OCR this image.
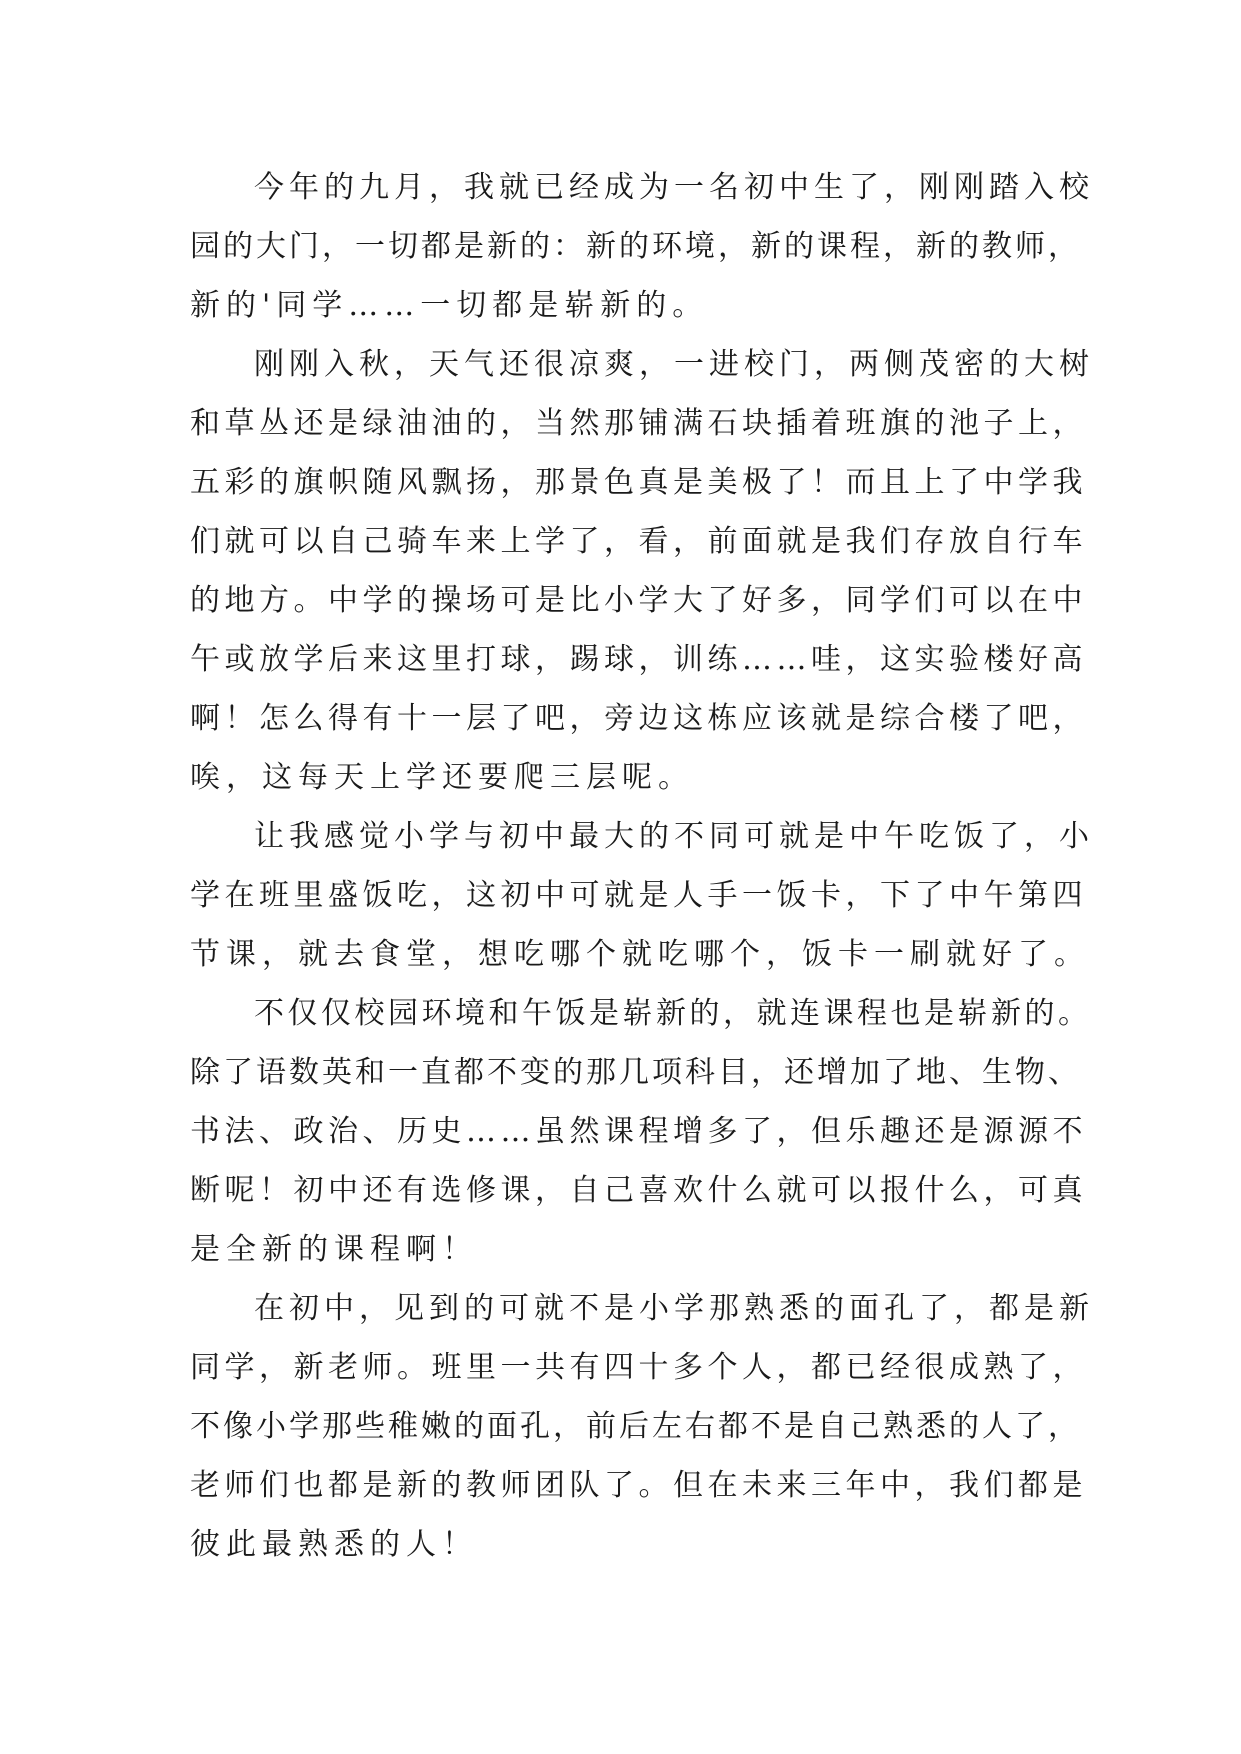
今年的九月，我就已经成为一名初中生了，刚刚踏入校
园的大门，一切都是新的：新的环境，新的课程，新的教师，
新的'同学……一切都是崭新的。
刚刚入秋，天气还很凉爽，一进校门，两侧茂密的大树
和草丛还是绿油油的，当然那铺满石块插着班旗的池子上，
五彩的旗帜随风飘扬，那景色真是美极了！而且上了中学我
们就可以自己骑车来上学了，看，前面就是我们存放自行车
的地方。中学的操场可是比小学大了好多，同学们可以在中
午或放学后来这里打球，踢球，训练……哇，这实验楼好高
啊！怎么得有十一层了吧，旁边这栋应该就是综合楼了吧，
唉，这每天上学还要爬三层呢。
让我感觉小学与初中最大的不同可就是中午吃饭了，小
学在班里盛饭吃，这初中可就是人手一饭卡，下了中午第四
节课，就去食堂，想吃哪个就吃哪个，饭卡一刷就好了。
不仅仅校园环境和午饭是崭新的，就连课程也是崭新的。
除了语数英和一直都不变的那几项科目，还增加了地、生物、
书法、政治、历史……虽然课程增多了，但乐趣还是源源不
断呢！初中还有选修课，自己喜欢什么就可以报什么，可真
是全新的课程啊！
在初中，见到的可就不是小学那熟悉的面孔了，都是新
同学，新老师。班里一共有四十多个人，都已经很成熟了，
不像小学那些稚嫩的面孔，前后左右都不是自己熟悉的人了，
老师们也都是新的教师团队了。但在未来三年中，我们都是
彼此最熟悉的人！
